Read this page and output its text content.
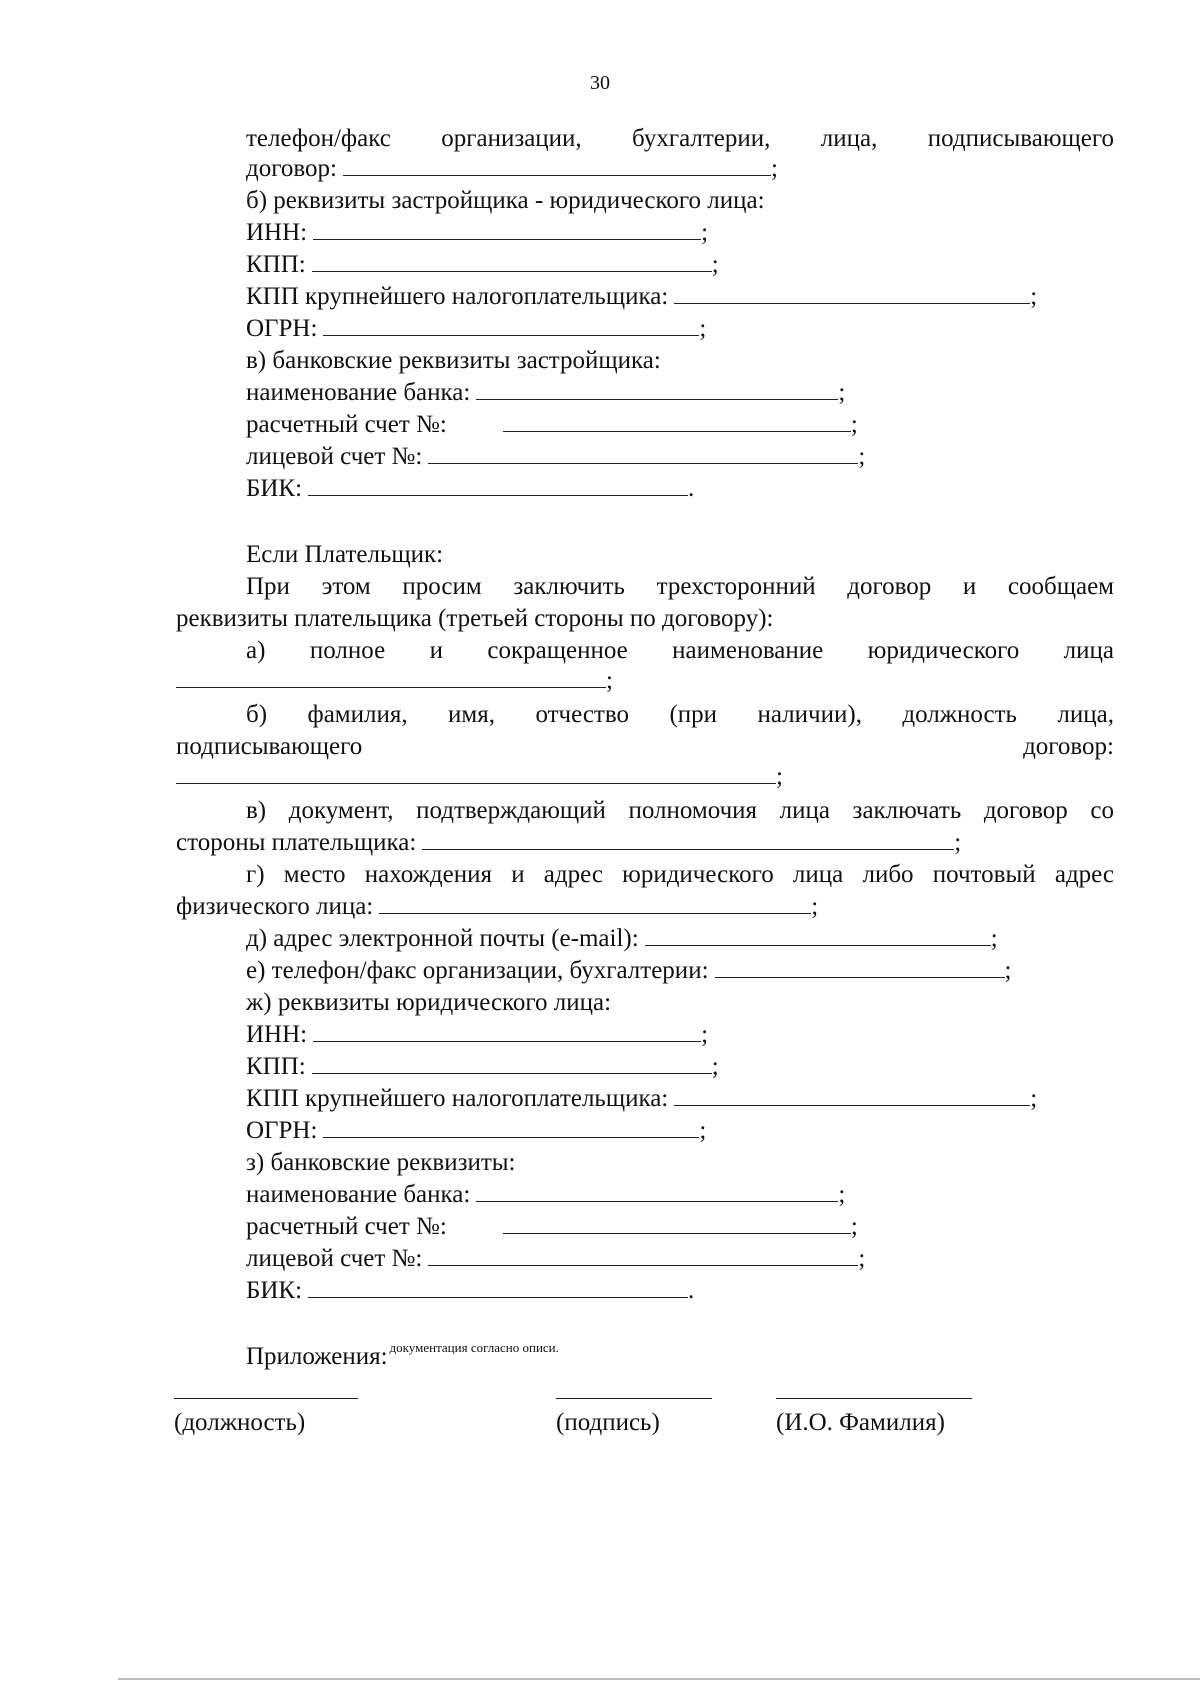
30
телефон/факс организации, бухгалтерии, лица, подписывающего
договор:	;
б) реквизиты застройщика - юридического лица:
ИНН:	;
КПП:	;
КПП крупнейшего налогоплательщика:	;
ОГРН:	;
в) банковские реквизиты застройщика:
наименование банка:	;
расчетный счет №:	;
лицевой счет №:	;
БИК:	.
Если Плательщик:
При этом просим заключить трехсторонний договор и сообщаем
реквизиты плательщика (третьей стороны по договору):
а) полное и сокращенное наименование юридического лица
;
б) фамилия, имя, отчество (при наличии), должность лица,
подписывающего	договор:
;
в) документ, подтверждающий полномочия лица заключать договор со
стороны плательщика:	;
г) место нахождения и адрес юридического лица либо почтовый адрес
физического лица:	;
д) адрес электронной почты (e-mail):	;
е) телефон/факс организации, бухгалтерии:	;
ж) реквизиты юридического лица:
ИНН:	;
КПП:	;
КПП крупнейшего налогоплательщика:	;
ОГРН:	;
з) банковские реквизиты:
наименование банка:	;
расчетный счет №:	;
лицевой счет №:	;
БИК:	.
Приложения: $^{документация согласно описи.}$
(должность)	(подпись)	(И.О. Фамилия)
